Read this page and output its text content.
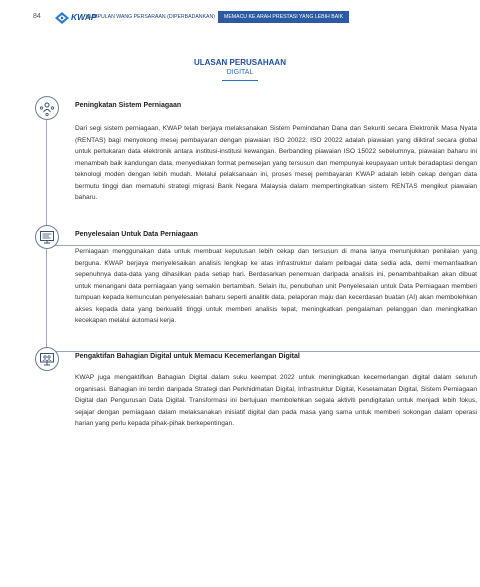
84	KWAP
KUMPULAN WANG PERSARAAN (DIPERBADANKAN)	MEMACU KE ARAH PRESTASI YANG LEBIH BAIK
ULASAN PERUSAHAAN
DIGITAL
Peningkatan Sistem Perniagaan

Dari segi sistem perniagaan, KWAP telah berjaya melaksanakan Sistem Pemindahan Dana dan Sekuriti secara Elektronik Masa Nyata (RENTAS) bagi menyokong mesej pembayaran dengan piawaian ISO 20022. ISO 20022 adalah piawaian yang diiktiraf secara global untuk pertukaran data elektronik antara institusi-institusi kewangan. Berbanding piawaian ISO 15022 sebelumnya, piawaian baharu ini menambah baik kandungan data, menyediakan format pemesejan yang tersusun dan mempunyai keupayaan untuk beradaptasi dengan teknologi moden dengan lebih mudah. Melalui pelaksanaan ini, proses mesej pembayaran KWAP adalah lebih cekap dengan data bermutu tinggi dan mematuhi strategi migrasi Bank Negara Malaysia dalam mempertingkatkan sistem RENTAS mengikut piawaian baharu.

Penyelesaian Untuk Data Perniagaan

Perniagaan menggunakan data untuk membuat keputusan lebih cekap dan tersusun di mana ianya menunjukkan penilaian yang berguna. KWAP berjaya menyelesaikan analisis lengkap ke atas infrastruktur dalam pelbagai data sedia ada, demi memanfaatkan sepenuhnya data-data yang dihasilkan pada setiap hari. Berdasarkan penemuan daripada analisis ini, penambahbaikan akan dibuat untuk menangani data perniagaan yang semakin bertambah. Selain itu, penubuhan unit Penyelesaian untuk Data Perniagaan memberi tumpuan kepada kemunculan penyelesaian baharu seperti analitik data, pelaporan maju dan kecerdasan buatan (AI) akan membolehkan akses kepada data yang berkualiti tinggi untuk memberi analisis tepat, meningkatkan pengalaman pelanggan dan meningkatkan kecekapan melalui automasi kerja.

Pengaktifan Bahagian Digital untuk Memacu Kecemerlangan Digital

KWAP juga mengaktifkan Bahagian Digital dalam suku keempat 2022 untuk meningkatkan kecemerlangan digital dalam seluruh organisasi. Bahagian ini terdiri daripada Strategi dan Perkhidmatan Digital, Infrastruktur Digital, Keselamatan Digital, Sistem Perniagaan Digital dan Pengurusan Data Digital. Transformasi ini bertujuan membolehkan segala aktiviti pendigitalan untuk menjadi lebih fokus, sejajar dengan perniagaan dalam melaksanakan inisiatif digital dan pada masa yang sama untuk memberi sokongan dalam operasi harian yang perlu kepada pihak-pihak berkepentingan.
